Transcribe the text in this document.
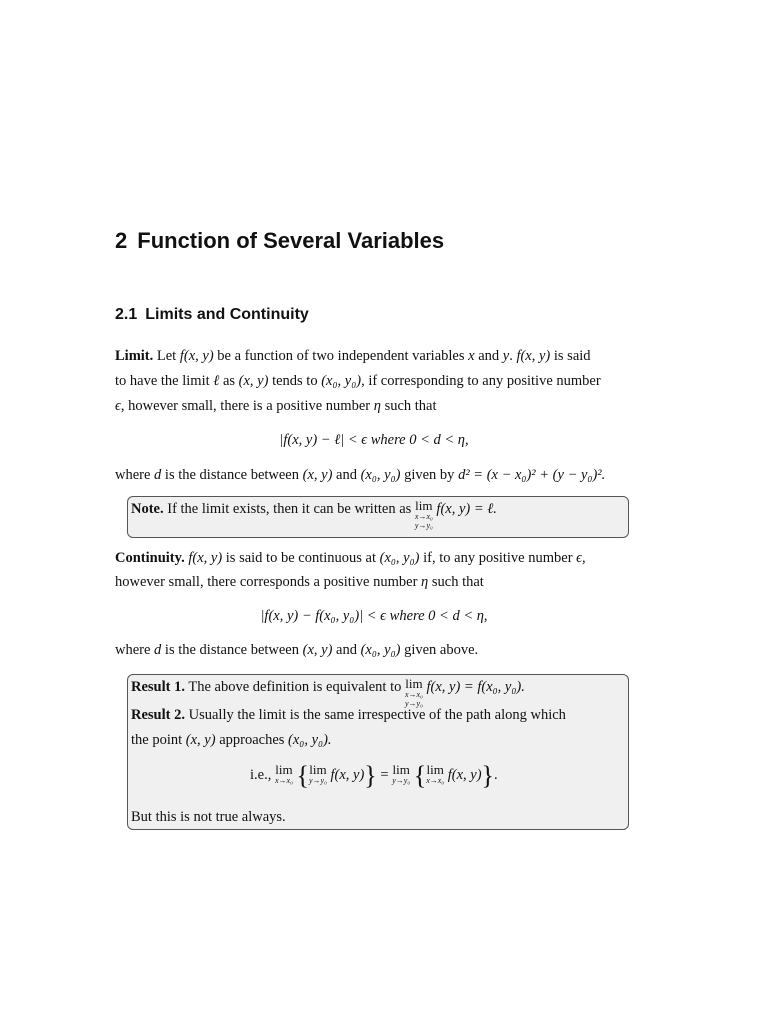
2 Function of Several Variables
2.1 Limits and Continuity
Limit. Let f(x, y) be a function of two independent variables x and y. f(x, y) is said
to have the limit ℓ as (x, y) tends to (x₀, y₀), if corresponding to any positive number
ϵ, however small, there is a positive number η such that
|f(x, y) − ℓ| < ϵ where 0 < d < η,
where d is the distance between (x, y) and (x₀, y₀) given by d² = (x − x₀)² + (y − y₀)².
Note. If the limit exists, then it can be written as lim
x→x₀
y→y₀
f(x, y) = ℓ.
Continuity. f(x, y) is said to be continuous at (x₀, y₀) if, to any positive number ϵ,
however small, there corresponds a positive number η such that
|f(x, y) − f(x₀, y₀)| < ϵ where 0 < d < η,
where d is the distance between (x, y) and (x₀, y₀) given above.
Result 1. The above definition is equivalent to lim
x→x₀
y→y₀
f(x, y) = f(x₀, y₀).
Result 2. Usually the limit is the same irrespective of the path along which
the point (x, y) approaches (x₀, y₀).
i.e., lim
x→x₀ { lim
y→y₀ f(x, y)} = lim
y→y₀ { lim
x→x₀ f(x, y)}.
But this is not true always.
